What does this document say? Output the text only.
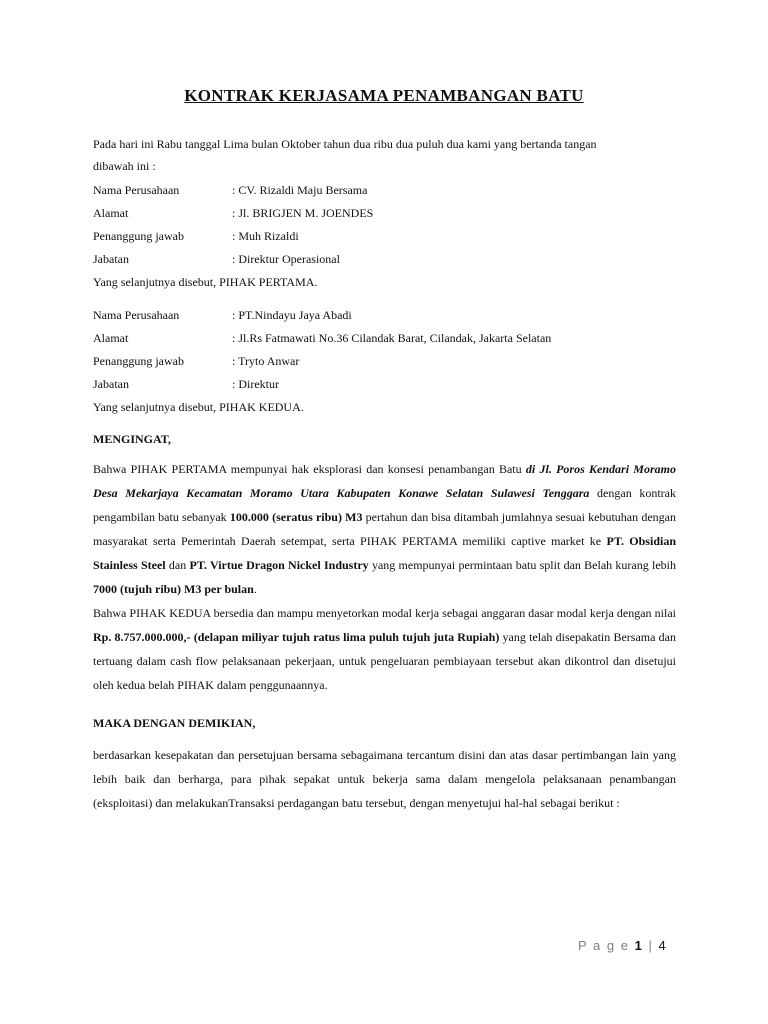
KONTRAK KERJASAMA PENAMBANGAN BATU
Pada hari ini Rabu tanggal Lima bulan Oktober tahun dua ribu dua puluh dua kami yang bertanda tangan
dibawah ini :
Nama Perusahaan	: CV. Rizaldi Maju Bersama
Alamat	: Jl. BRIGJEN M. JOENDES
Penanggung jawab	: Muh Rizaldi
Jabatan	: Direktur Operasional
Yang selanjutnya disebut, PIHAK PERTAMA.
Nama Perusahaan	: PT.Nindayu Jaya Abadi
Alamat	: Jl.Rs Fatmawati No.36 Cilandak Barat, Cilandak, Jakarta Selatan
Penanggung jawab	: Tryto Anwar
Jabatan	: Direktur
Yang selanjutnya disebut, PIHAK KEDUA.
MENGINGAT,
Bahwa PIHAK PERTAMA mempunyai hak eksplorasi dan konsesi penambangan Batu di Jl. Poros Kendari Moramo Desa Mekarjaya Kecamatan Moramo Utara Kabupaten Konawe Selatan Sulawesi Tenggara dengan kontrak pengambilan batu sebanyak 100.000 (seratus ribu) M3 pertahun dan bisa ditambah jumlahnya sesuai kebutuhan dengan masyarakat serta Pemerintah Daerah setempat, serta PIHAK PERTAMA memiliki captive market ke PT. Obsidian Stainless Steel dan PT. Virtue Dragon Nickel Industry yang mempunyai permintaan batu split dan Belah kurang lebih 7000 (tujuh ribu) M3 per bulan.
Bahwa PIHAK KEDUA bersedia dan mampu menyetorkan modal kerja sebagai anggaran dasar modal kerja dengan nilai Rp. 8.757.000.000,- (delapan miliyar tujuh ratus lima puluh tujuh juta Rupiah) yang telah disepakatin Bersama dan tertuang dalam cash flow pelaksanaan pekerjaan, untuk pengeluaran pembiayaan tersebut akan dikontrol dan disetujui oleh kedua belah PIHAK dalam penggunaannya.
MAKA DENGAN DEMIKIAN,
berdasarkan kesepakatan dan persetujuan bersama sebagaimana tercantum disini dan atas dasar pertimbangan lain yang lebih baik dan berharga, para pihak sepakat untuk bekerja sama dalam mengelola pelaksanaan penambangan (eksploitasi) dan melakukanTransaksi perdagangan batu tersebut, dengan menyetujui hal-hal sebagai berikut :
P a g e 1 | 4
